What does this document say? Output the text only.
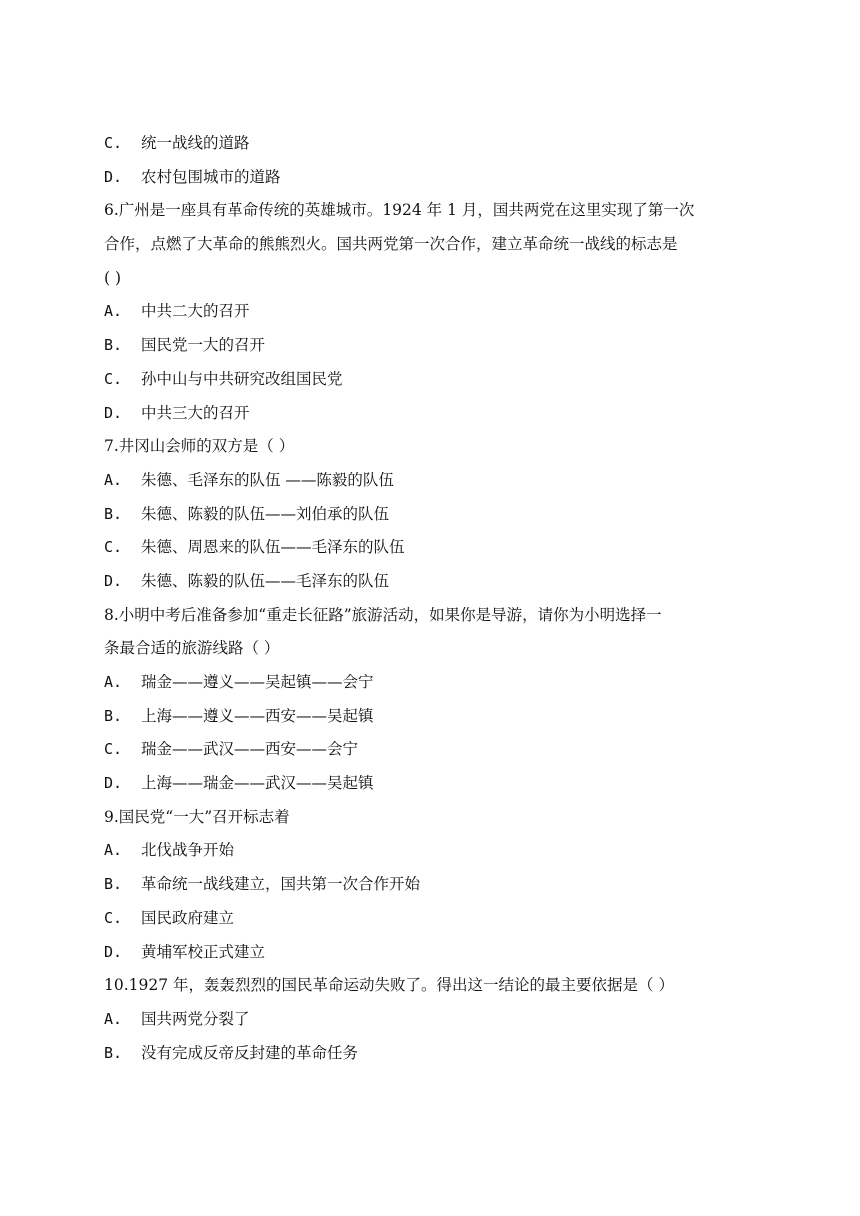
C. 统一战线的道路
D. 农村包围城市的道路
6.广州是一座具有革命传统的英雄城市。1924 年 1 月，国共两党在这里实现了第一次
合作，点燃了大革命的熊熊烈火。国共两党第一次合作，建立革命统一战线的标志是
( )
A. 中共二大的召开
B. 国民党一大的召开
C. 孙中山与中共研究改组国民党
D. 中共三大的召开
7.井冈山会师的双方是（ ）
A. 朱德、毛泽东的队伍 ——陈毅的队伍
B. 朱德、陈毅的队伍——刘伯承的队伍
C. 朱德、周恩来的队伍——毛泽东的队伍
D. 朱德、陈毅的队伍——毛泽东的队伍
8.小明中考后准备参加“重走长征路”旅游活动，如果你是导游，请你为小明选择一
条最合适的旅游线路（ ）
A. 瑞金——遵义——吴起镇——会宁
B. 上海——遵义——西安——吴起镇
C. 瑞金——武汉——西安——会宁
D. 上海——瑞金——武汉——吴起镇
9.国民党“一大”召开标志着
A. 北伐战争开始
B. 革命统一战线建立，国共第一次合作开始
C. 国民政府建立
D. 黄埔军校正式建立
10.1927 年，轰轰烈烈的国民革命运动失败了。得出这一结论的最主要依据是（ ）
A. 国共两党分裂了
B. 没有完成反帝反封建的革命任务
